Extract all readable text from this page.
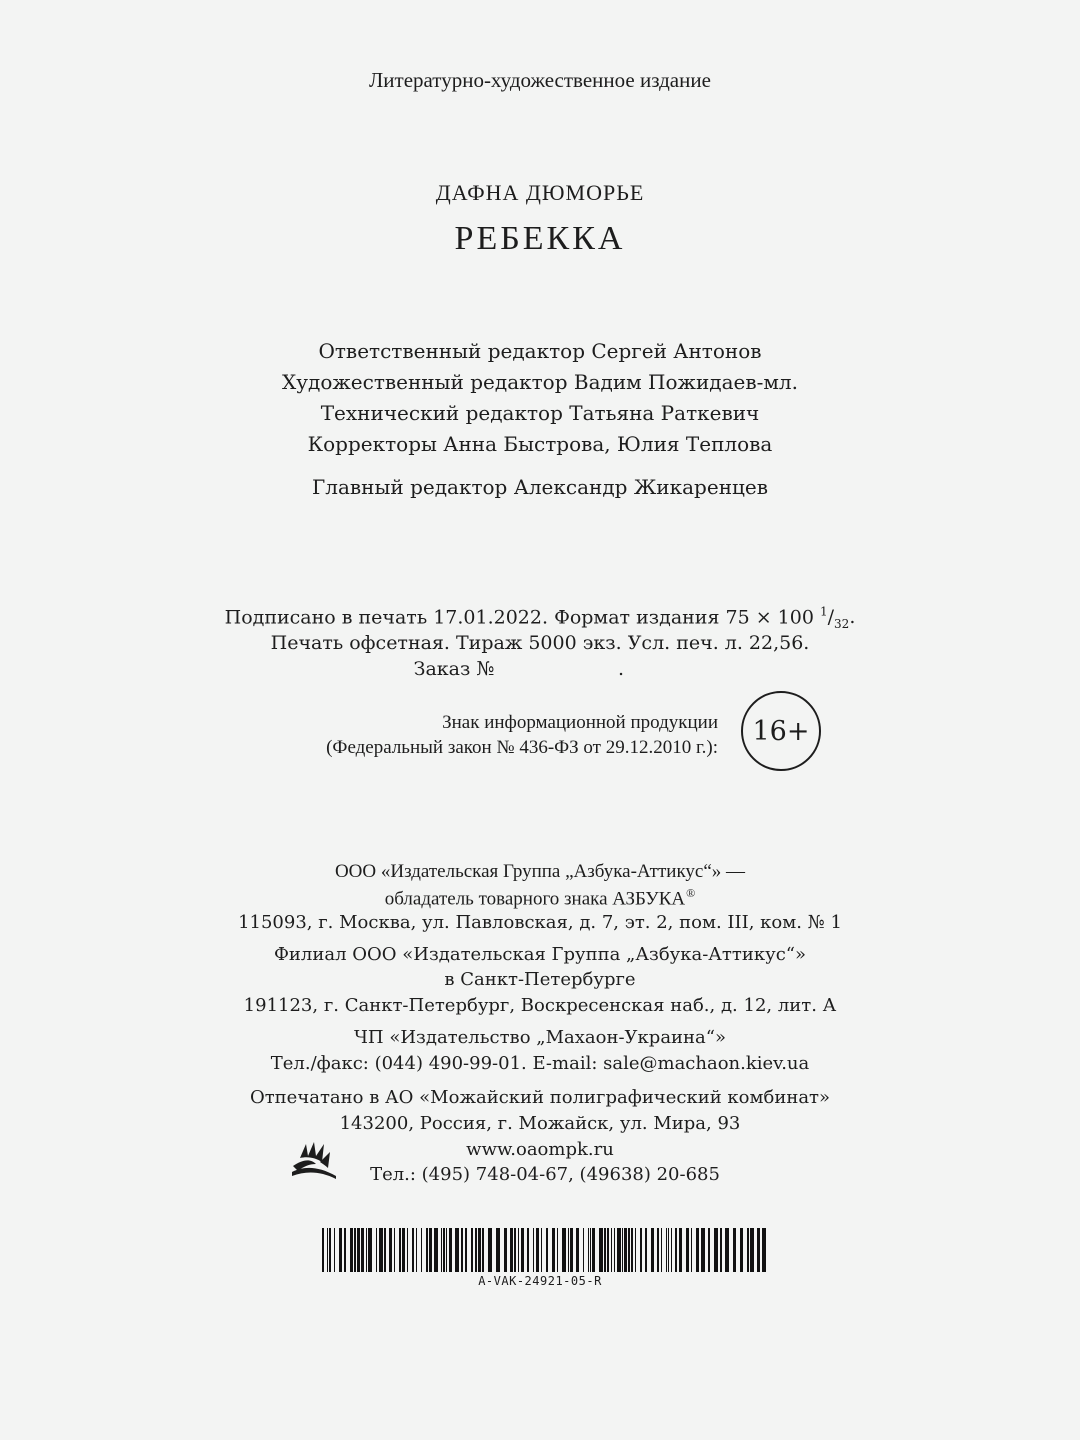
Литературно-художественное издание
ДАФНА ДЮМОРЬЕ
РЕБЕККА
Ответственный редактор Сергей Антонов
Художественный редактор Вадим Пожидаев-мл.
Технический редактор Татьяна Раткевич
Корректоры Анна Быстрова, Юлия Теплова
Главный редактор Александр Жикаренцев
Подписано в печать 17.01.2022. Формат издания 75 × 100 $^1/_{32}$.
Печать офсетная. Тираж 5000 экз. Усл. печ. л. 22,56.
Заказ №	.
Знак информационной продукции
(Федеральный закон № 436-ФЗ от 29.12.2010 г.):
16+
ООО «Издательская Группа „Азбука-Аттикус“» —
обладатель товарного знака АЗБУКА®
115093, г. Москва, ул. Павловская, д. 7, эт. 2, пом. III, ком. № 1
Филиал ООО «Издательская Группа „Азбука-Аттикус“»
в Санкт-Петербурге
191123, г. Санкт-Петербург, Воскресенская наб., д. 12, лит. А
ЧП «Издательство „Махаон-Украина“»
Тел./факс: (044) 490-99-01. E-mail: sale@machaon.kiev.ua
Отпечатано в АО «Можайский полиграфический комбинат»
143200, Россия, г. Можайск, ул. Мира, 93
www.oaompk.ru
Тел.: (495) 748-04-67, (49638) 20-685
A-VAK-24921-05-R
